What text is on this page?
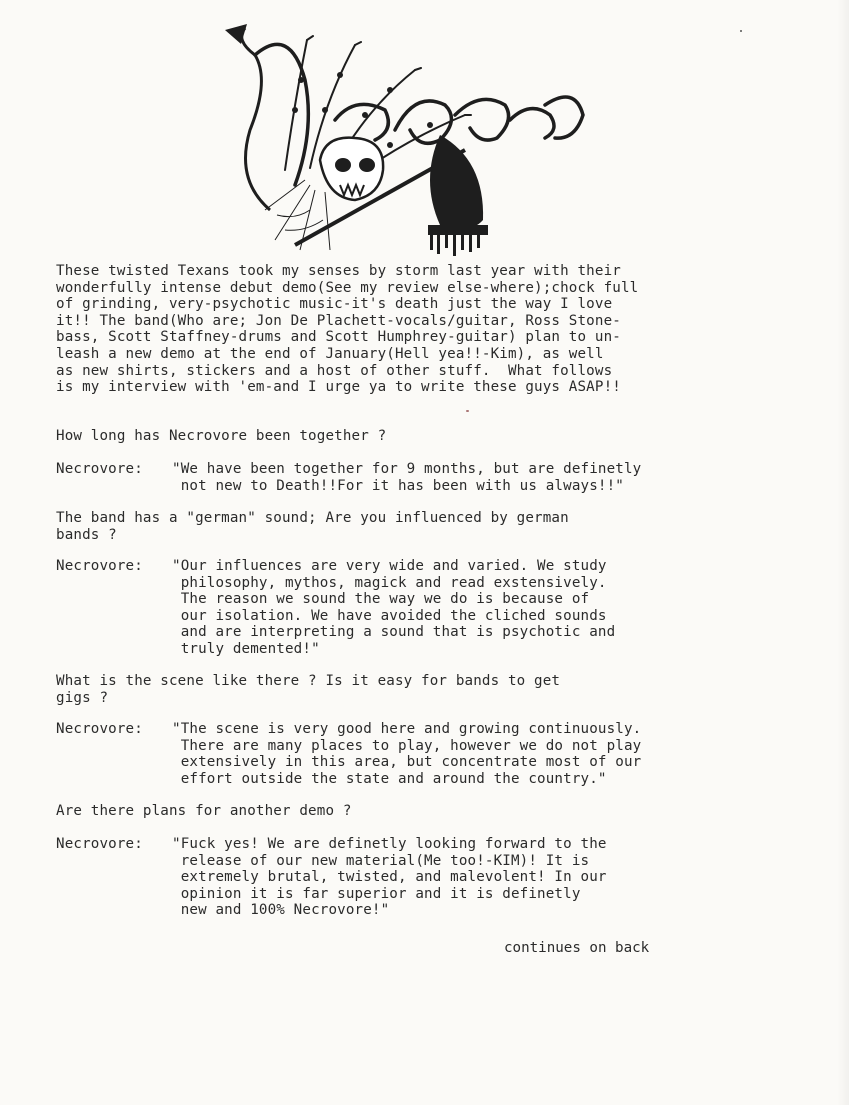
These twisted Texans took my senses by storm last year with their
wonderfully intense debut demo(See my review else-where);chock full
of grinding, very-psychotic music-it's death just the way I love
it!! The band(Who are; Jon De Plachett-vocals/guitar, Ross Stone-
bass, Scott Staffney-drums and Scott Humphrey-guitar) plan to un-
leash a new demo at the end of January(Hell yea!!-Kim), as well
as new shirts, stickers and a host of other stuff.  What follows
is my interview with 'em-and I urge ya to write these guys ASAP!!
How long has Necrovore been together ?
Necrovore: "We have been together for 9 months, but are definetly
not new to Death!!For it has been with us always!!"
The band has a "german" sound; Are you influenced by german
bands ?
Necrovore: "Our influences are very wide and varied. We study
philosophy, mythos, magick and read exstensively.
The reason we sound the way we do is because of
our isolation. We have avoided the cliched sounds
and are interpreting a sound that is psychotic and
truly demented!"
What is the scene like there ? Is it easy for bands to get
gigs ?
Necrovore: "The scene is very good here and growing continuously.
There are many places to play, however we do not play
extensively in this area, but concentrate most of our
effort outside the state and around the country."
Are there plans for another demo ?
Necrovore: "Fuck yes! We are definetly looking forward to the
release of our new material(Me too!-KIM)! It is
extremely brutal, twisted, and malevolent! In our
opinion it is far superior and it is definetly
new and 100% Necrovore!"
continues on back
